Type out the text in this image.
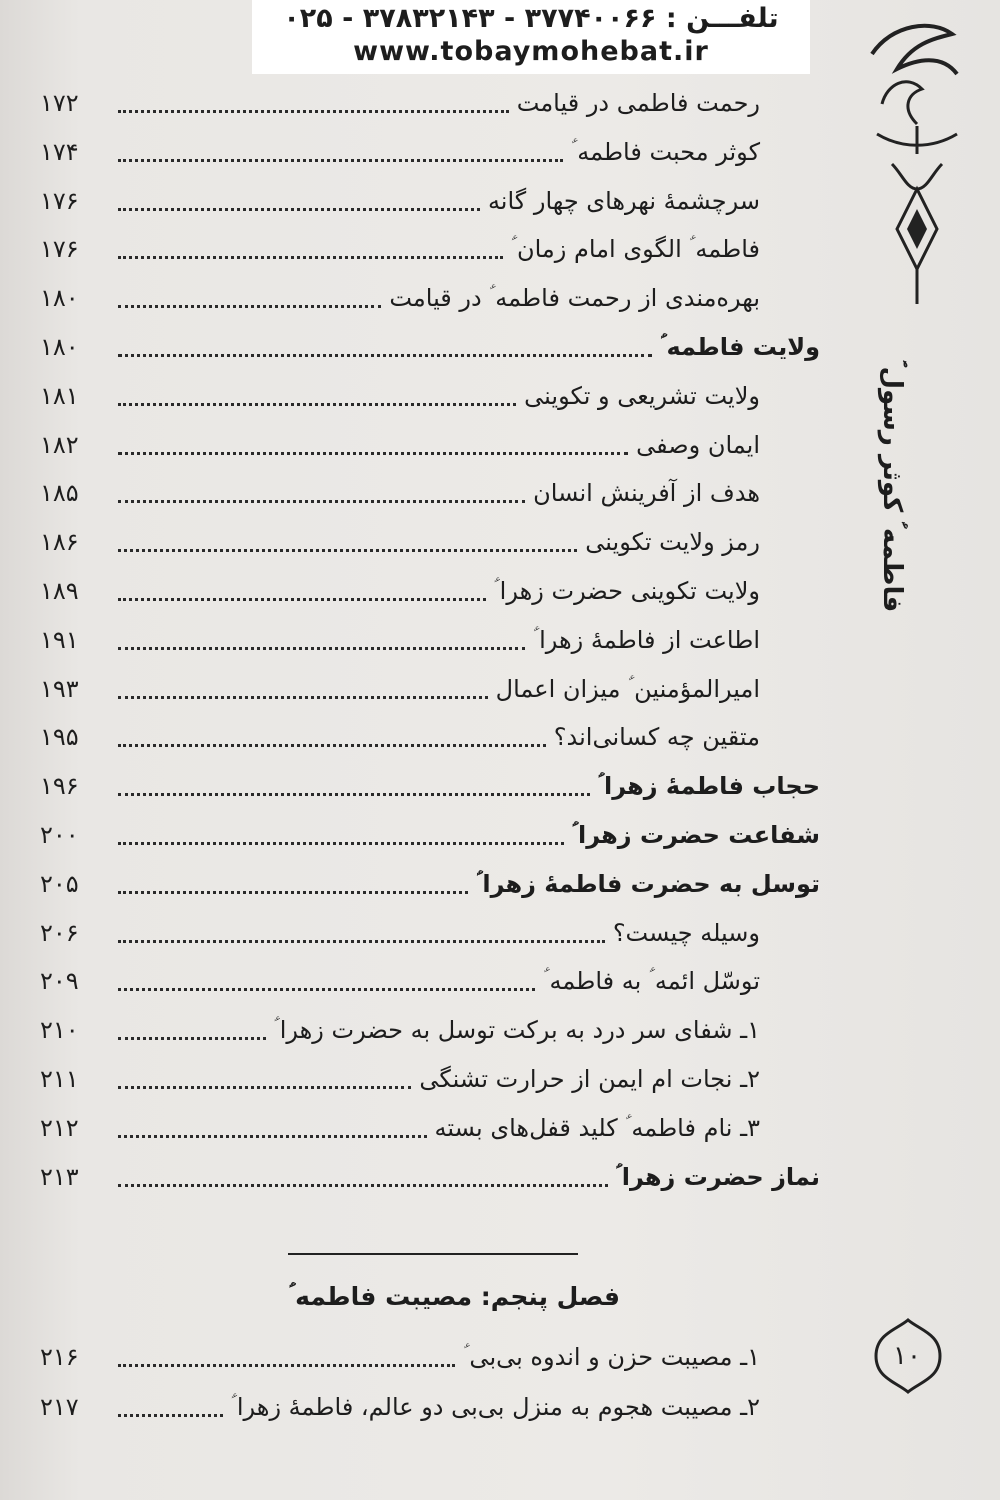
تلفـــن : ۳۷۷۴۰۰۶۶ - ۳۷۸۳۲۱۴۳ - ۰۲۵
www.tobaymohebat.ir
فاطمه ؑ کوثر رسول ؐ
۱۰
رحمت فاطمی در قیامت
۱۷۲
کوثر محبت فاطمه ؑ
۱۷۴
سرچشمهٔ نهرهای چهار گانه
۱۷۶
فاطمه ؑ الگوی امام زمان ؑ
۱۷۶
بهره‌مندی از رحمت فاطمه ؑ در قیامت
۱۸۰
ولایت فاطمه ؑ
۱۸۰
ولایت تشریعی و تکوینی
۱۸۱
ایمان وصفی
۱۸۲
هدف از آفرینش انسان
۱۸۵
رمز ولایت تکوینی
۱۸۶
ولایت تکوینی حضرت زهرا ؑ
۱۸۹
اطاعت از فاطمهٔ زهرا ؑ
۱۹۱
امیرالمؤمنین ؑ میزان اعمال
۱۹۳
متقین چه کسانی‌اند؟
۱۹۵
حجاب فاطمهٔ زهرا ؑ
۱۹۶
شفاعت حضرت زهرا ؑ
۲۰۰
توسل به حضرت فاطمهٔ زهرا ؑ
۲۰۵
وسیله چیست؟
۲۰۶
توسّل ائمه ؑ به فاطمه ؑ
۲۰۹
۱ـ شفای سر درد به برکت توسل به حضرت زهرا ؑ
۲۱۰
۲ـ نجات ام ایمن از حرارت تشنگی
۲۱۱
۳ـ نام فاطمه ؑ کلید قفل‌های بسته
۲۱۲
نماز حضرت زهرا ؑ
۲۱۳
فصل پنجم: مصیبت فاطمه ؑ
۱ـ مصیبت حزن و اندوه بی‌بی ؑ
۲۱۶
۲ـ مصیبت هجوم به منزل بی‌بی دو عالم، فاطمهٔ زهرا ؑ
۲۱۷
